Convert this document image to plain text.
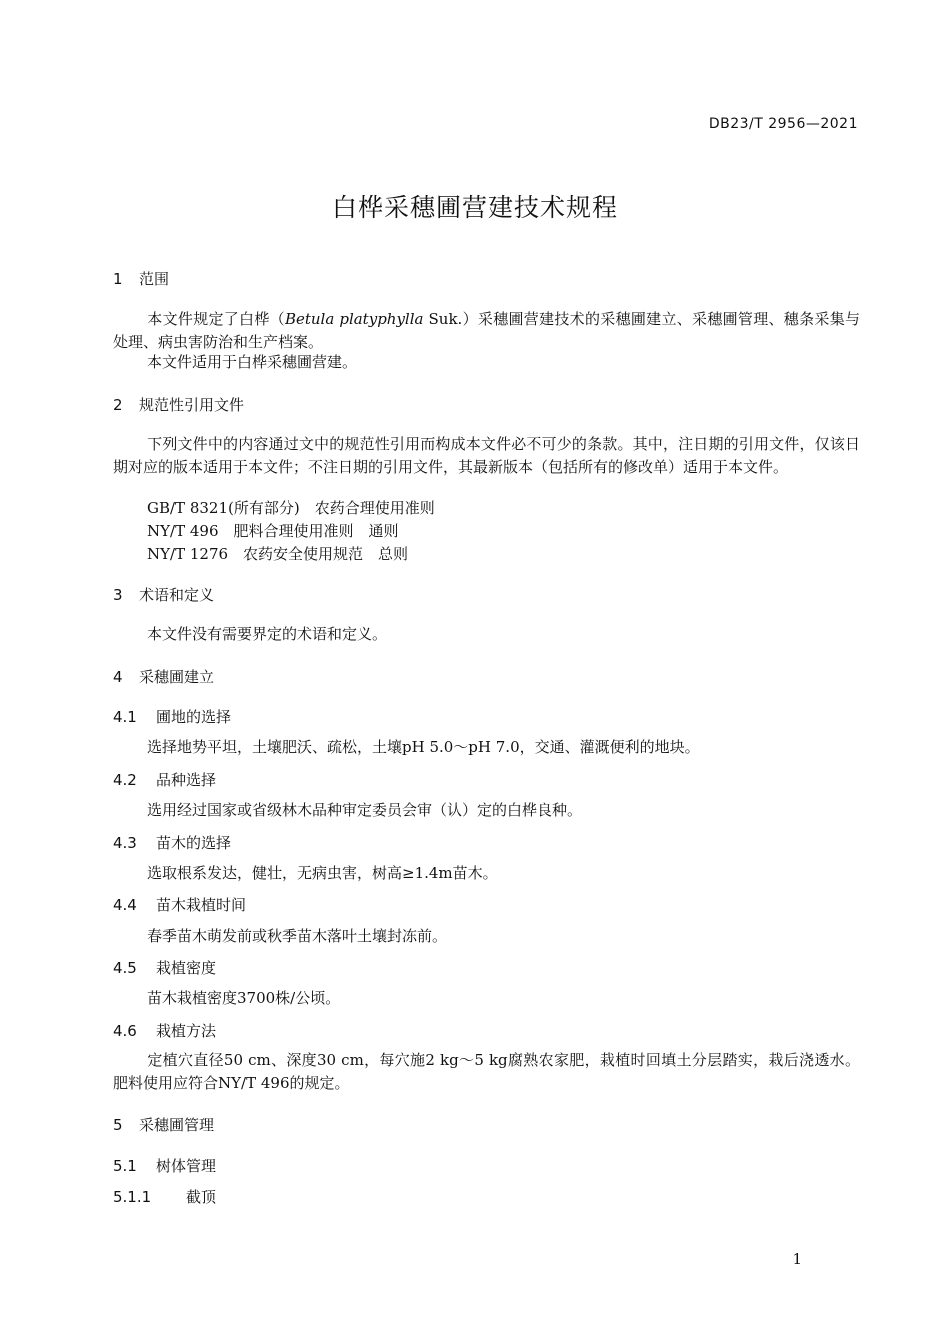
DB23/T 2956—2021
白桦采穗圃营建技术规程
1 范围
本文件规定了白桦（Betula platyphylla Suk.）采穗圃营建技术的采穗圃建立、采穗圃管理、穗条采集与处理、病虫害防治和生产档案。
本文件适用于白桦采穗圃营建。
2 规范性引用文件
下列文件中的内容通过文中的规范性引用而构成本文件必不可少的条款。其中，注日期的引用文件，仅该日期对应的版本适用于本文件；不注日期的引用文件，其最新版本（包括所有的修改单）适用于本文件。
GB/T 8321(所有部分)　农药合理使用准则
NY/T 496　肥料合理使用准则　通则
NY/T 1276　农药安全使用规范　总则
3 术语和定义
本文件没有需要界定的术语和定义。
4 采穗圃建立
4.1 圃地的选择
选择地势平坦，土壤肥沃、疏松，土壤pH 5.0～pH 7.0，交通、灌溉便利的地块。
4.2 品种选择
选用经过国家或省级林木品种审定委员会审（认）定的白桦良种。
4.3 苗木的选择
选取根系发达，健壮，无病虫害，树高≥1.4m苗木。
4.4 苗木栽植时间
春季苗木萌发前或秋季苗木落叶土壤封冻前。
4.5 栽植密度
苗木栽植密度3700株/公顷。
4.6 栽植方法
定植穴直径50 cm、深度30 cm，每穴施2 kg～5 kg腐熟农家肥，栽植时回填土分层踏实，栽后浇透水。肥料使用应符合NY/T 496的规定。
5 采穗圃管理
5.1 树体管理
5.1.1 截顶
1
